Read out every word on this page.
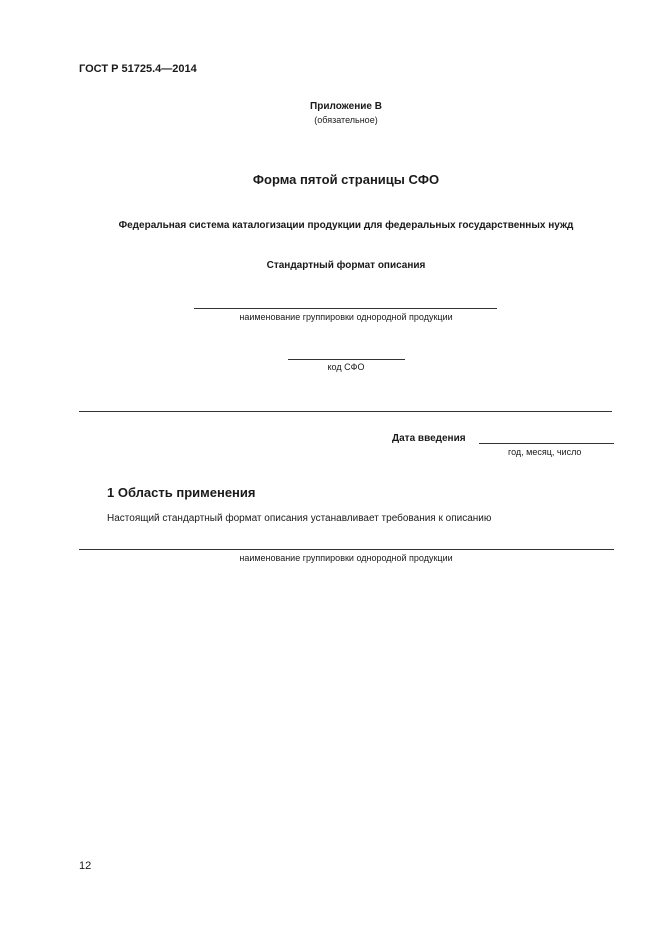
ГОСТ Р 51725.4—2014
Приложение В
(обязательное)
Форма пятой страницы СФО
Федеральная система каталогизации продукции для федеральных государственных нужд
Стандартный формат описания
наименование группировки однородной продукции
код СФО
Дата введения
год, месяц, число
1 Область применения
Настоящий стандартный формат описания устанавливает требования к описанию
наименование группировки однородной продукции
12
